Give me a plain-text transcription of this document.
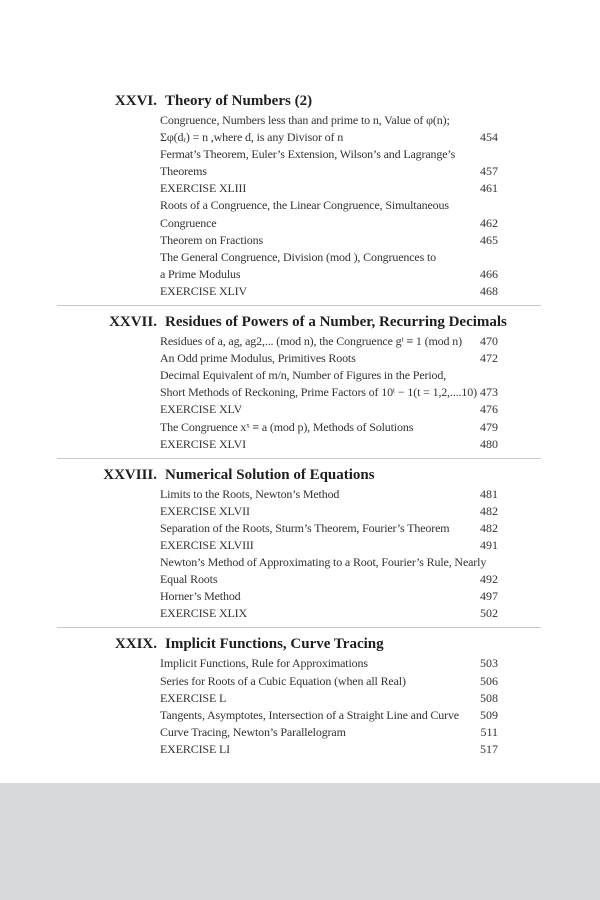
XXVI. Theory of Numbers (2)
Congruence, Numbers less than and prime to n, Value of φ(n);
Σφ(dᵣ) = n ,where d, is any Divisor of n	454
Fermat’s Theorem, Euler’s Extension, Wilson’s and Lagrange’s
Theorems	457
EXERCISE XLIII	461
Roots of a Congruence, the Linear Congruence, Simultaneous
Congruence	462
Theorem on Fractions	465
The General Congruence, Division (mod ), Congruences to
a Prime Modulus	466
EXERCISE XLIV	468
XXVII. Residues of Powers of a Number, Recurring Decimals
Residues of a, ag, ag2,... (mod n), the Congruence gᵗ ≡ 1 (mod n)	470
An Odd prime Modulus, Primitives Roots	472
Decimal Equivalent of m/n, Number of Figures in the Period,
Short Methods of Reckoning, Prime Factors of 10ᵗ − 1(t = 1,2,....10) 473
EXERCISE XLV	476
The Congruence xˣ ≡ a (mod p), Methods of Solutions	479
EXERCISE XLVI	480
XXVIII. Numerical Solution of Equations
Limits to the Roots, Newton’s Method	481
EXERCISE XLVII	482
Separation of the Roots, Sturm’s Theorem, Fourier’s Theorem	482
EXERCISE XLVIII	491
Newton’s Method of Approximating to a Root, Fourier’s Rule, Nearly
Equal Roots	492
Horner’s Method	497
EXERCISE XLIX	502
XXIX. Implicit Functions, Curve Tracing
Implicit Functions, Rule for Approximations	503
Series for Roots of a Cubic Equation (when all Real)	506
EXERCISE L	508
Tangents, Asymptotes, Intersection of a Straight Line and Curve	509
Curve Tracing, Newton’s Parallelogram	511
EXERCISE LI	517
